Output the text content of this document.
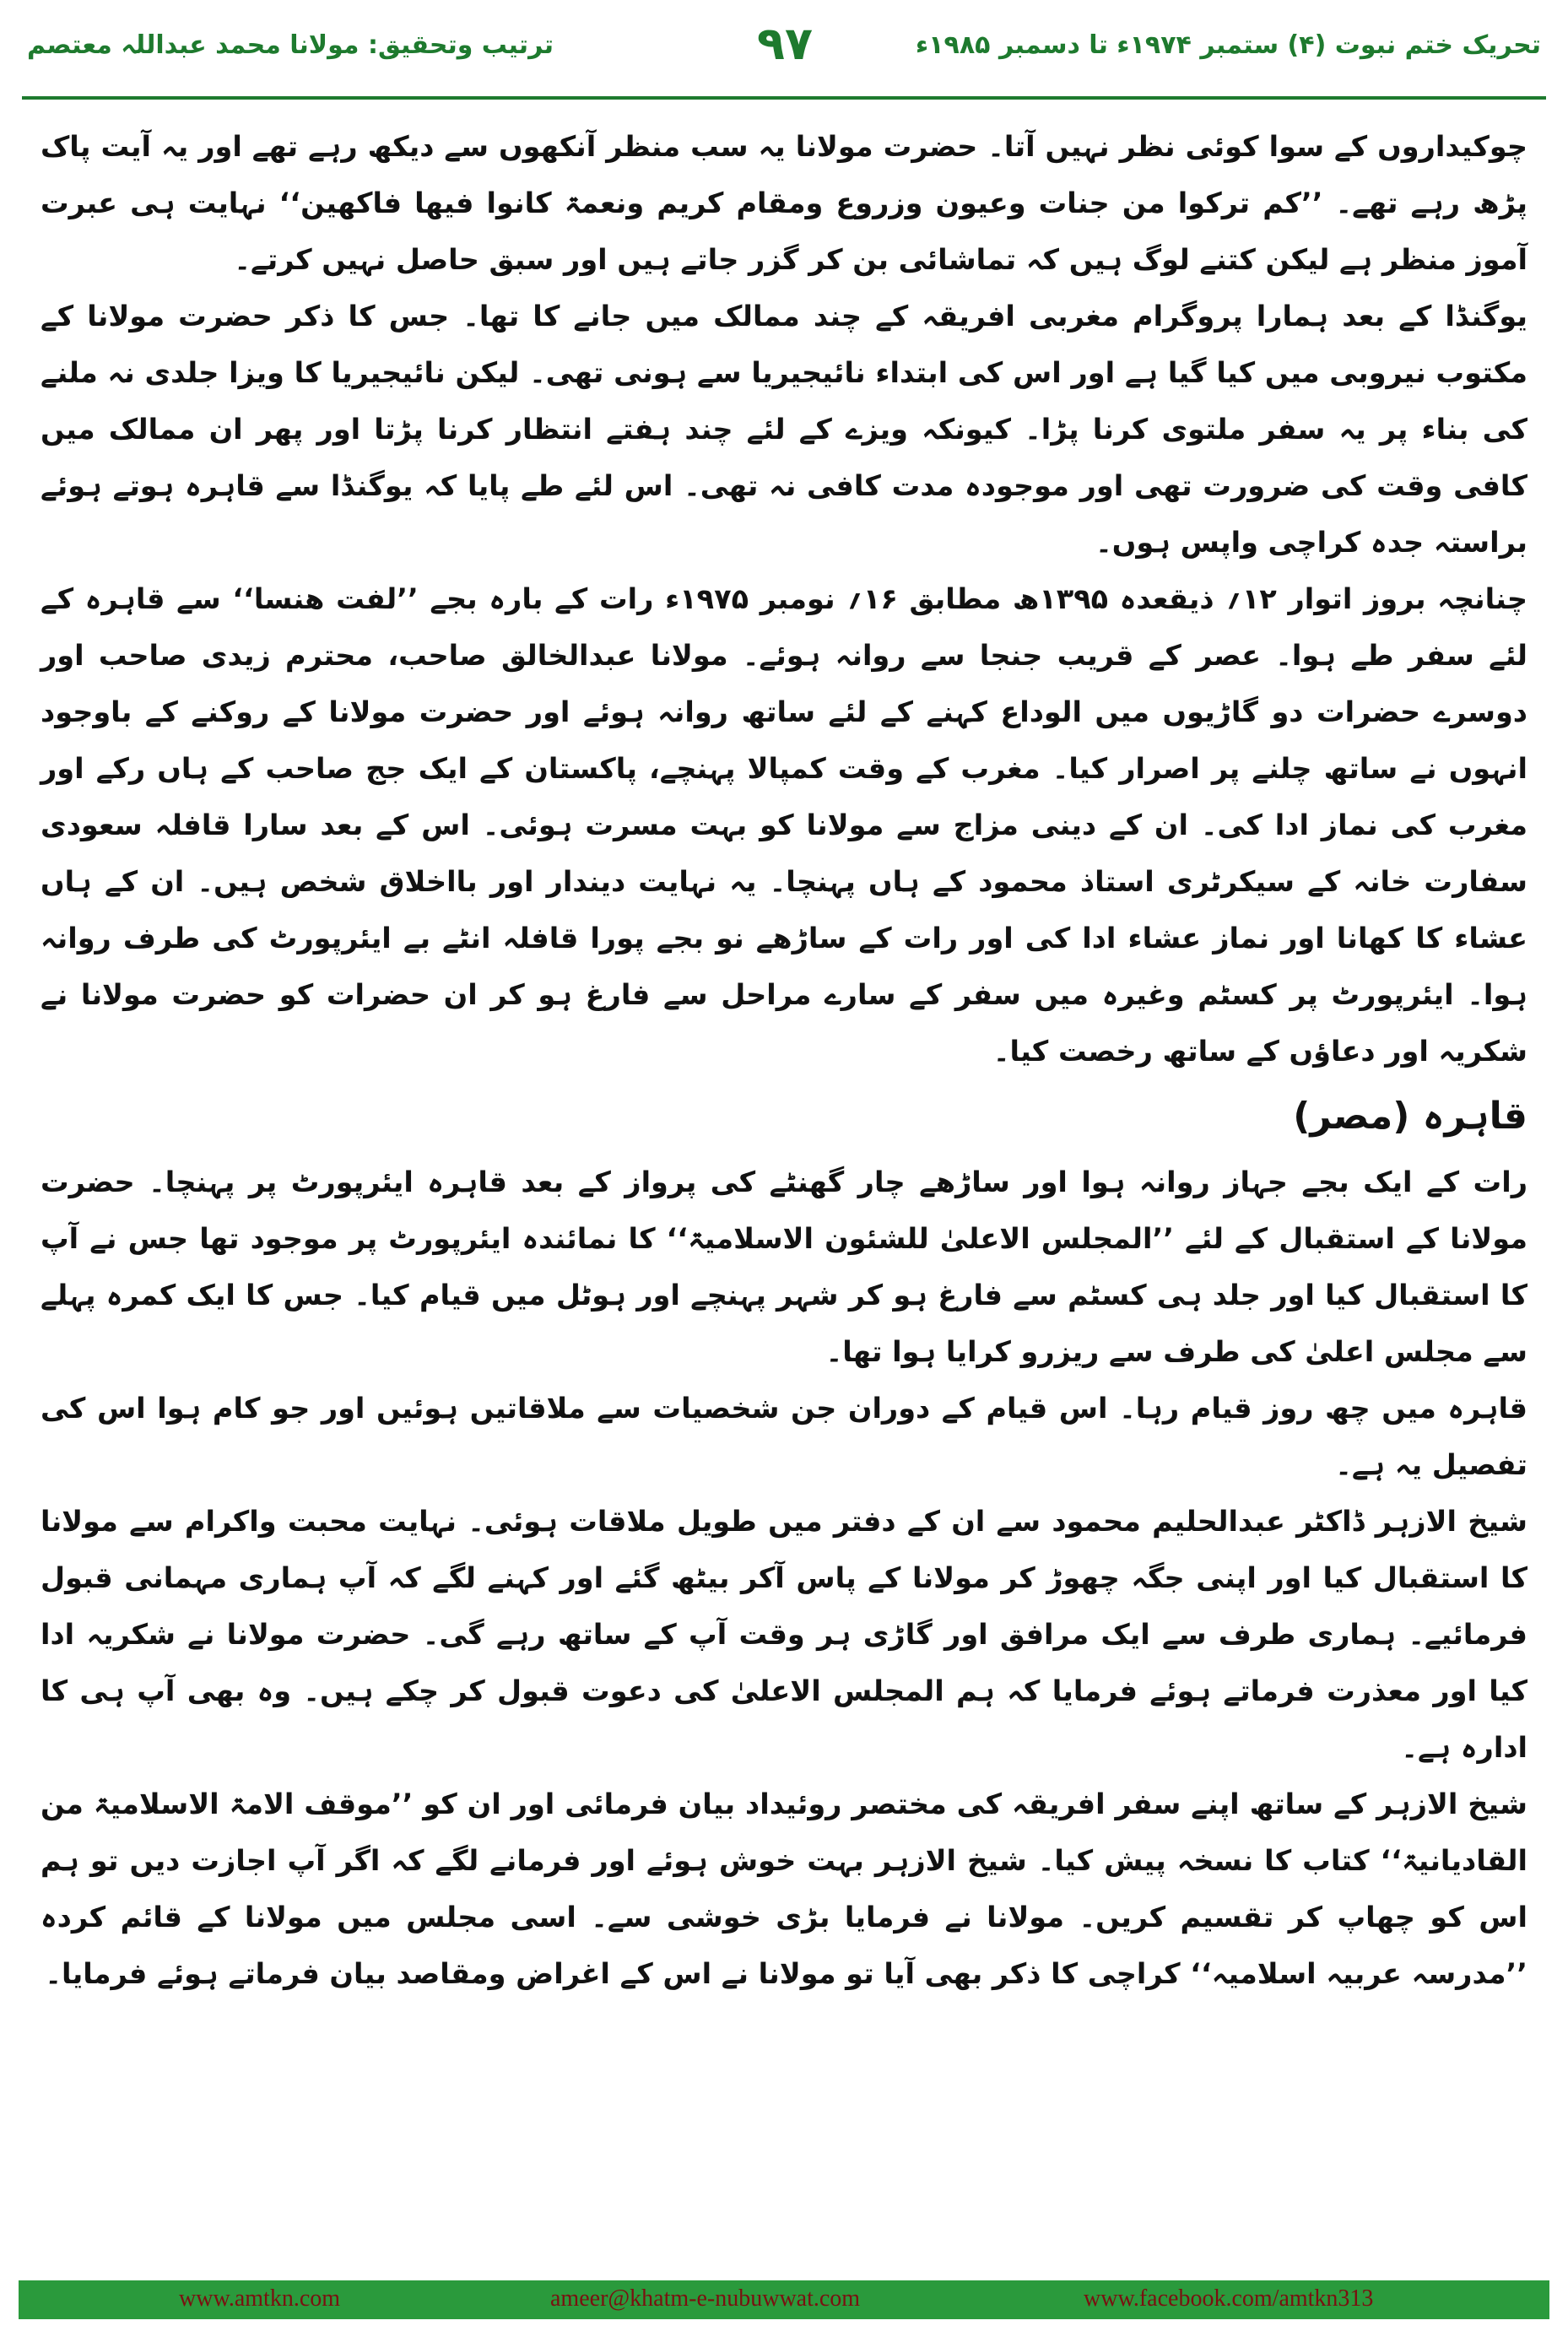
ترتیب وتحقیق: مولانا محمد عبداللہ معتصم	۹۷	تحریک ختم نبوت (۴) ستمبر ۱۹۷۴ء تا دسمبر ۱۹۸۵ء

چوکیداروں کے سوا کوئی نظر نہیں آتا۔ حضرت مولانا یہ سب منظر آنکھوں سے دیکھ رہے تھے اور یہ آیت پاک پڑھ رہے تھے۔ ’’کم ترکوا من جنات وعیون وزروع ومقام کریم ونعمۃ کانوا فیھا فاکھین‘‘ نہایت ہی عبرت آموز منظر ہے لیکن کتنے لوگ ہیں کہ تماشائی بن کر گزر جاتے ہیں اور سبق حاصل نہیں کرتے۔

یوگنڈا کے بعد ہمارا پروگرام مغربی افریقہ کے چند ممالک میں جانے کا تھا۔ جس کا ذکر حضرت مولانا کے مکتوب نیروبی میں کیا گیا ہے اور اس کی ابتداء نائیجیریا سے ہونی تھی۔ لیکن نائیجیریا کا ویزا جلدی نہ ملنے کی بناء پر یہ سفر ملتوی کرنا پڑا۔ کیونکہ ویزے کے لئے چند ہفتے انتظار کرنا پڑتا اور پھر ان ممالک میں کافی وقت کی ضرورت تھی اور موجودہ مدت کافی نہ تھی۔ اس لئے طے پایا کہ یوگنڈا سے قاہرہ ہوتے ہوئے براستہ جدہ کراچی واپس ہوں۔

چنانچہ بروز اتوار ۱۲؍ ذیقعدہ ۱۳۹۵ھ مطابق ۱۶؍ نومبر ۱۹۷۵ء رات کے بارہ بجے ’’لفت ھنسا‘‘ سے قاہرہ کے لئے سفر طے ہوا۔ عصر کے قریب جنجا سے روانہ ہوئے۔ مولانا عبدالخالق صاحب، محترم زیدی صاحب اور دوسرے حضرات دو گاڑیوں میں الوداع کہنے کے لئے ساتھ روانہ ہوئے اور حضرت مولانا کے روکنے کے باوجود انہوں نے ساتھ چلنے پر اصرار کیا۔ مغرب کے وقت کمپالا پہنچے، پاکستان کے ایک جج صاحب کے ہاں رکے اور مغرب کی نماز ادا کی۔ ان کے دینی مزاج سے مولانا کو بہت مسرت ہوئی۔ اس کے بعد سارا قافلہ سعودی سفارت خانہ کے سیکرٹری استاذ محمود کے ہاں پہنچا۔ یہ نہایت دیندار اور بااخلاق شخص ہیں۔ ان کے ہاں عشاء کا کھانا اور نماز عشاء ادا کی اور رات کے ساڑھے نو بجے پورا قافلہ انٹے بے ایئرپورٹ کی طرف روانہ ہوا۔ ایئرپورٹ پر کسٹم وغیرہ میں سفر کے سارے مراحل سے فارغ ہو کر ان حضرات کو حضرت مولانا نے شکریہ اور دعاؤں کے ساتھ رخصت کیا۔

قاہرہ (مصر)

رات کے ایک بجے جہاز روانہ ہوا اور ساڑھے چار گھنٹے کی پرواز کے بعد قاہرہ ایئرپورٹ پر پہنچا۔ حضرت مولانا کے استقبال کے لئے ’’المجلس الاعلیٰ للشئون الاسلامیۃ‘‘ کا نمائندہ ایئرپورٹ پر موجود تھا جس نے آپ کا استقبال کیا اور جلد ہی کسٹم سے فارغ ہو کر شہر پہنچے اور ہوٹل میں قیام کیا۔ جس کا ایک کمرہ پہلے سے مجلس اعلیٰ کی طرف سے ریزرو کرایا ہوا تھا۔

قاہرہ میں چھ روز قیام رہا۔ اس قیام کے دوران جن شخصیات سے ملاقاتیں ہوئیں اور جو کام ہوا اس کی تفصیل یہ ہے۔

شیخ الازہر ڈاکٹر عبدالحلیم محمود سے ان کے دفتر میں طویل ملاقات ہوئی۔ نہایت محبت واکرام سے مولانا کا استقبال کیا اور اپنی جگہ چھوڑ کر مولانا کے پاس آکر بیٹھ گئے اور کہنے لگے کہ آپ ہماری مہمانی قبول فرمائیے۔ ہماری طرف سے ایک مرافق اور گاڑی ہر وقت آپ کے ساتھ رہے گی۔ حضرت مولانا نے شکریہ ادا کیا اور معذرت فرماتے ہوئے فرمایا کہ ہم المجلس الاعلیٰ کی دعوت قبول کر چکے ہیں۔ وہ بھی آپ ہی کا ادارہ ہے۔

شیخ الازہر کے ساتھ اپنے سفر افریقہ کی مختصر روئیداد بیان فرمائی اور ان کو ’’موقف الامۃ الاسلامیۃ من القادیانیۃ‘‘ کتاب کا نسخہ پیش کیا۔ شیخ الازہر بہت خوش ہوئے اور فرمانے لگے کہ اگر آپ اجازت دیں تو ہم اس کو چھاپ کر تقسیم کریں۔ مولانا نے فرمایا بڑی خوشی سے۔ اسی مجلس میں مولانا کے قائم کردہ ’’مدرسہ عربیہ اسلامیہ‘‘ کراچی کا ذکر بھی آیا تو مولانا نے اس کے اغراض ومقاصد بیان فرماتے ہوئے فرمایا۔

www.amtkn.com	ameer@khatm-e-nubuwwat.com	www.facebook.com/amtkn313
